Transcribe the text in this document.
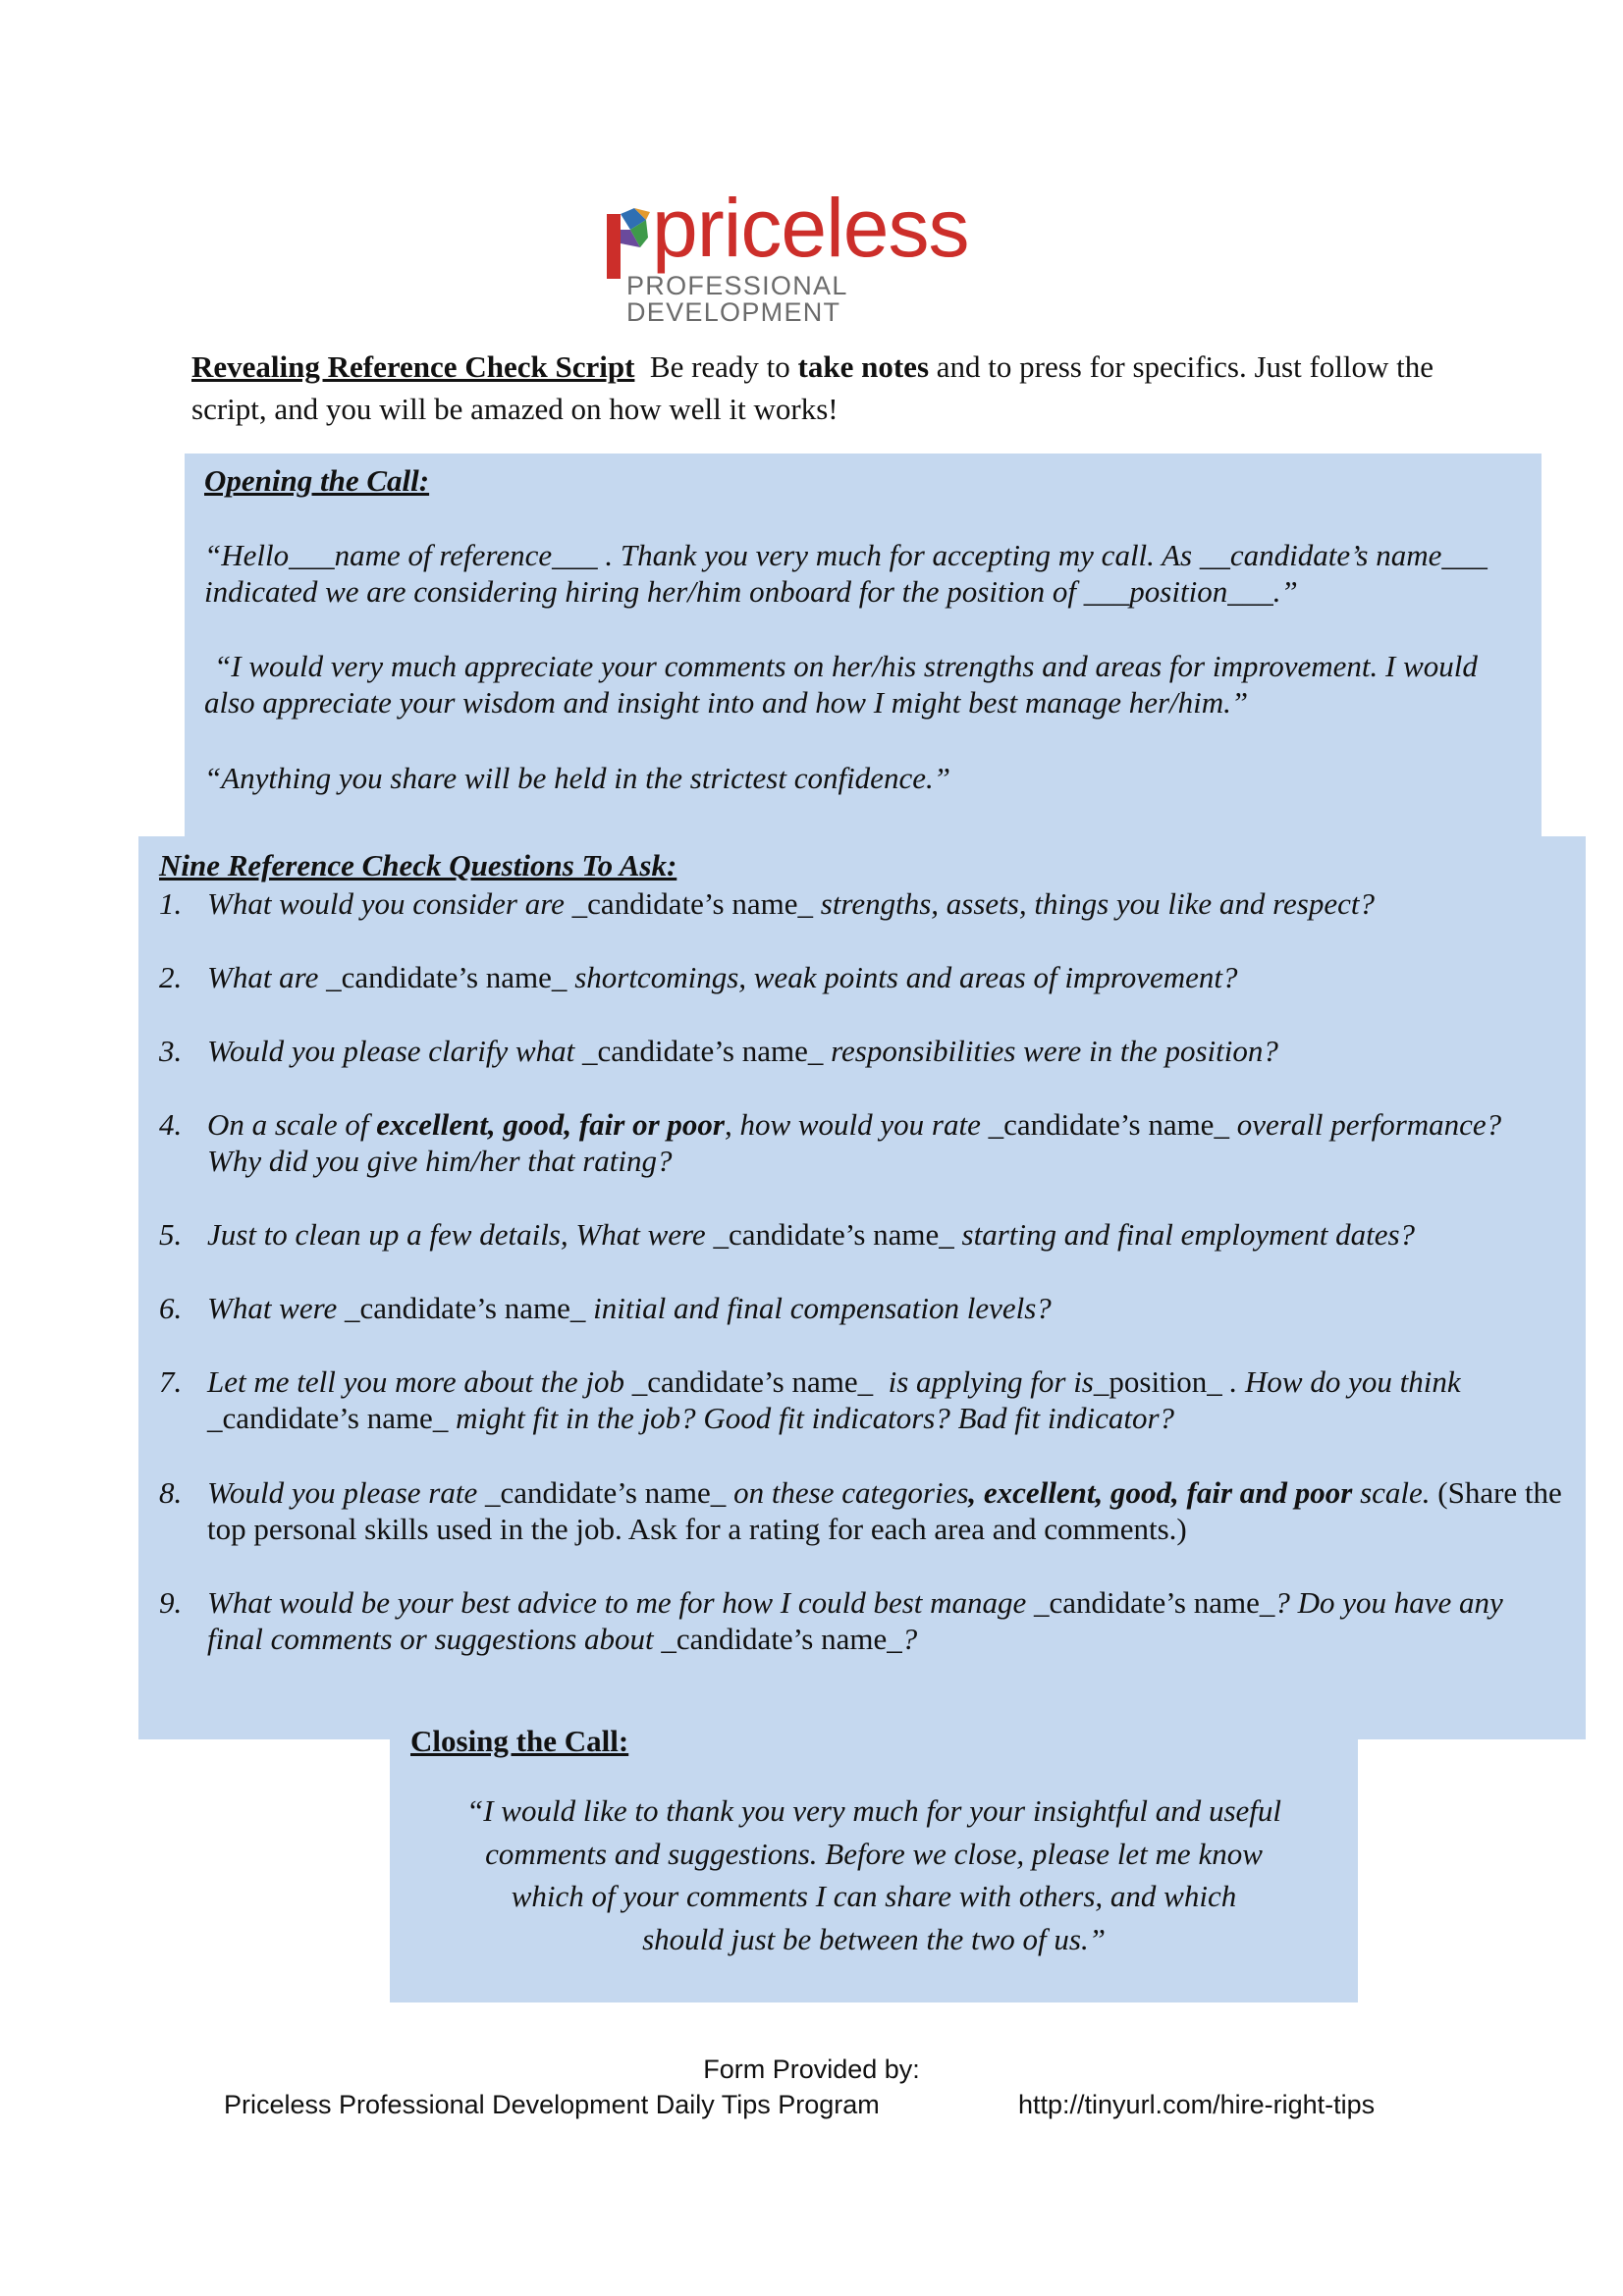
priceless
PROFESSIONAL DEVELOPMENT
Revealing Reference Check Script Be ready to take notes and to press for specifics. Just follow the script, and you will be amazed on how well it works!
Opening the Call:
“Hello___name of reference___ . Thank you very much for accepting my call. As __candidate’s name___ indicated we are considering hiring her/him onboard for the position of ___position___.”
“I would very much appreciate your comments on her/his strengths and areas for improvement. I would also appreciate your wisdom and insight into and how I might best manage her/him.”
“Anything you share will be held in the strictest confidence.”
Nine Reference Check Questions To Ask:
1. What would you consider are _candidate’s name_ strengths, assets, things you like and respect?
2. What are _candidate’s name_ shortcomings, weak points and areas of improvement?
3. Would you please clarify what _candidate’s name_ responsibilities were in the position?
4. On a scale of excellent, good, fair or poor, how would you rate _candidate’s name_ overall performance? Why did you give him/her that rating?
5. Just to clean up a few details, What were _candidate’s name_ starting and final employment dates?
6. What were _candidate’s name_ initial and final compensation levels?
7. Let me tell you more about the job _candidate’s name_ is applying for is_position_ . How do you think _candidate’s name_ might fit in the job? Good fit indicators? Bad fit indicator?
8. Would you please rate _candidate’s name_ on these categories, excellent, good, fair and poor scale. (Share the top personal skills used in the job. Ask for a rating for each area and comments.)
9. What would be your best advice to me for how I could best manage _candidate’s name_? Do you have any final comments or suggestions about _candidate’s name_?
Closing the Call:
“I would like to thank you very much for your insightful and useful
comments and suggestions. Before we close, please let me know
which of your comments I can share with others, and which
should just be between the two of us.”
Form Provided by:
Priceless Professional Development Daily Tips Program	http://tinyurl.com/hire-right-tips
